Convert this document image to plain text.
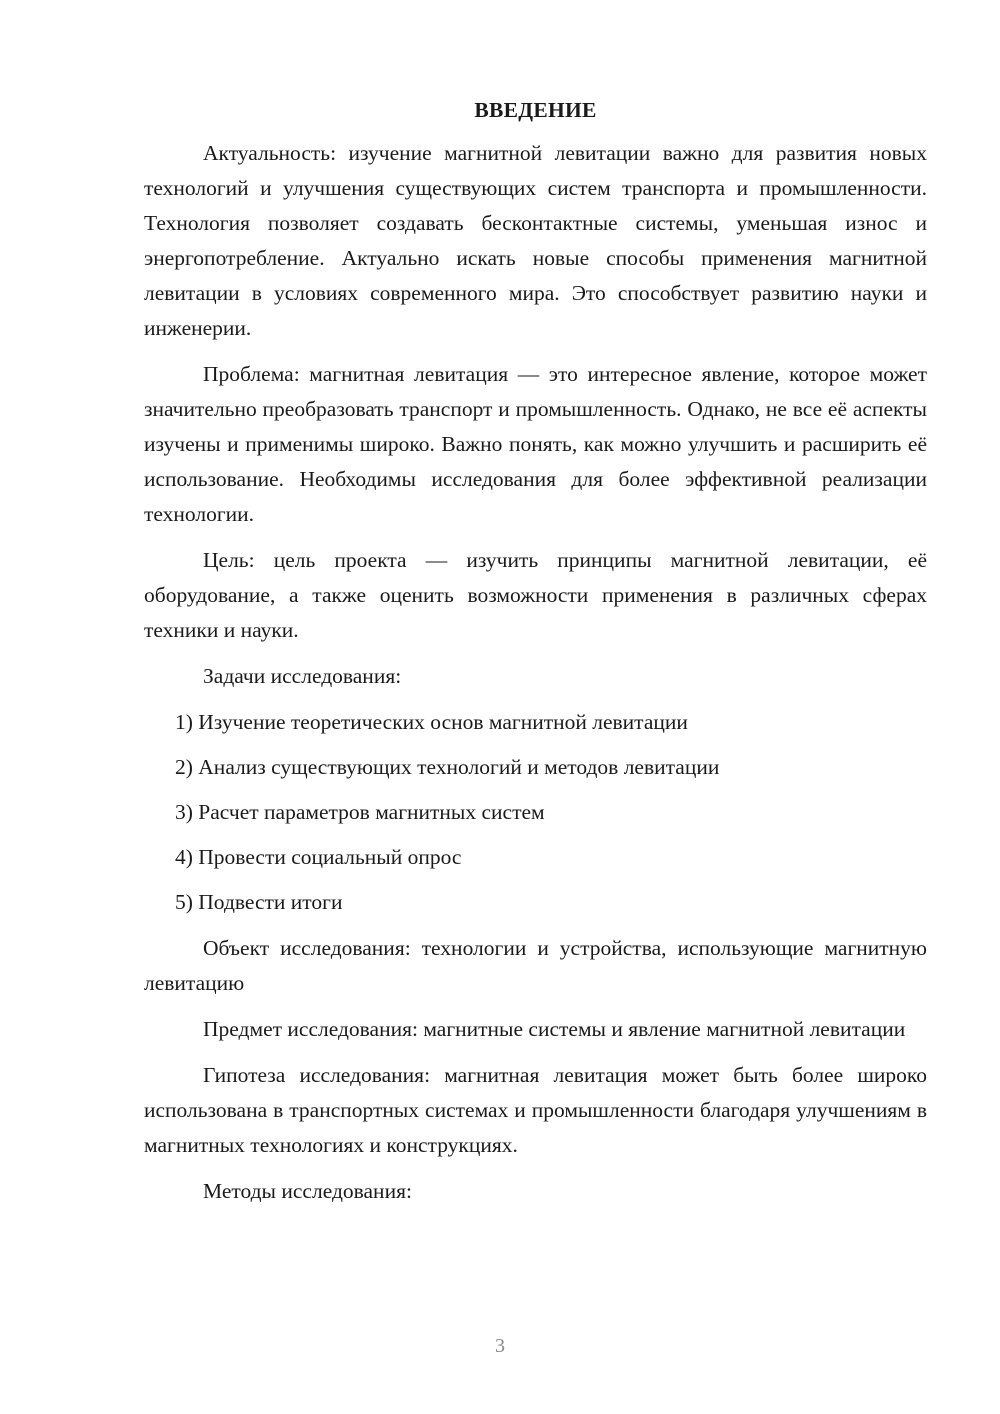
ВВЕДЕНИЕ

Актуальность: изучение магнитной левитации важно для развития новых технологий и улучшения существующих систем транспорта и промышленности. Технология позволяет создавать бесконтактные системы, уменьшая износ и энергопотребление. Актуально искать новые способы применения магнитной левитации в условиях современного мира. Это способствует развитию науки и инженерии.

Проблема: магнитная левитация — это интересное явление, которое может значительно преобразовать транспорт и промышленность. Однако, не все её аспекты изучены и применимы широко. Важно понять, как можно улучшить и расширить её использование. Необходимы исследования для более эффективной реализации технологии.

Цель: цель проекта — изучить принципы магнитной левитации, её оборудование, а также оценить возможности применения в различных сферах техники и науки.

Задачи исследования:

1) Изучение теоретических основ магнитной левитации
2) Анализ существующих технологий и методов левитации
3) Расчет параметров магнитных систем
4) Провести социальный опрос
5) Подвести итоги

Объект исследования: технологии и устройства, использующие магнитную левитацию

Предмет исследования: магнитные системы и явление магнитной левитации

Гипотеза исследования: магнитная левитация может быть более широко использована в транспортных системах и промышленности благодаря улучшениям в магнитных технологиях и конструкциях.

Методы исследования:

3
